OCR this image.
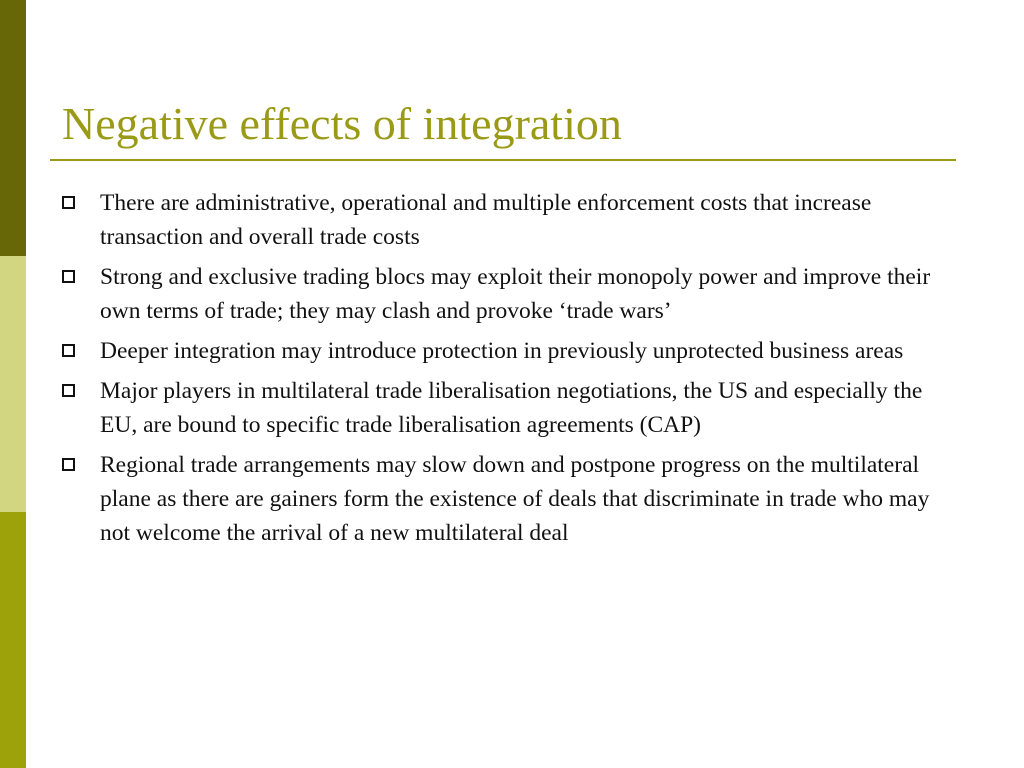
Negative effects of integration
There are administrative, operational and multiple enforcement costs that increase transaction and overall trade costs
Strong and exclusive trading blocs may exploit their monopoly power and improve their own terms of trade; they may clash and provoke ‘trade wars’
Deeper integration may introduce protection in previously unprotected business areas
Major players in multilateral trade liberalisation negotiations, the US and especially the EU, are bound to specific trade liberalisation agreements (CAP)
Regional trade arrangements may slow down and postpone progress on the multilateral plane as there are gainers form the existence of deals that discriminate in trade who may not welcome the arrival of a new multilateral deal
